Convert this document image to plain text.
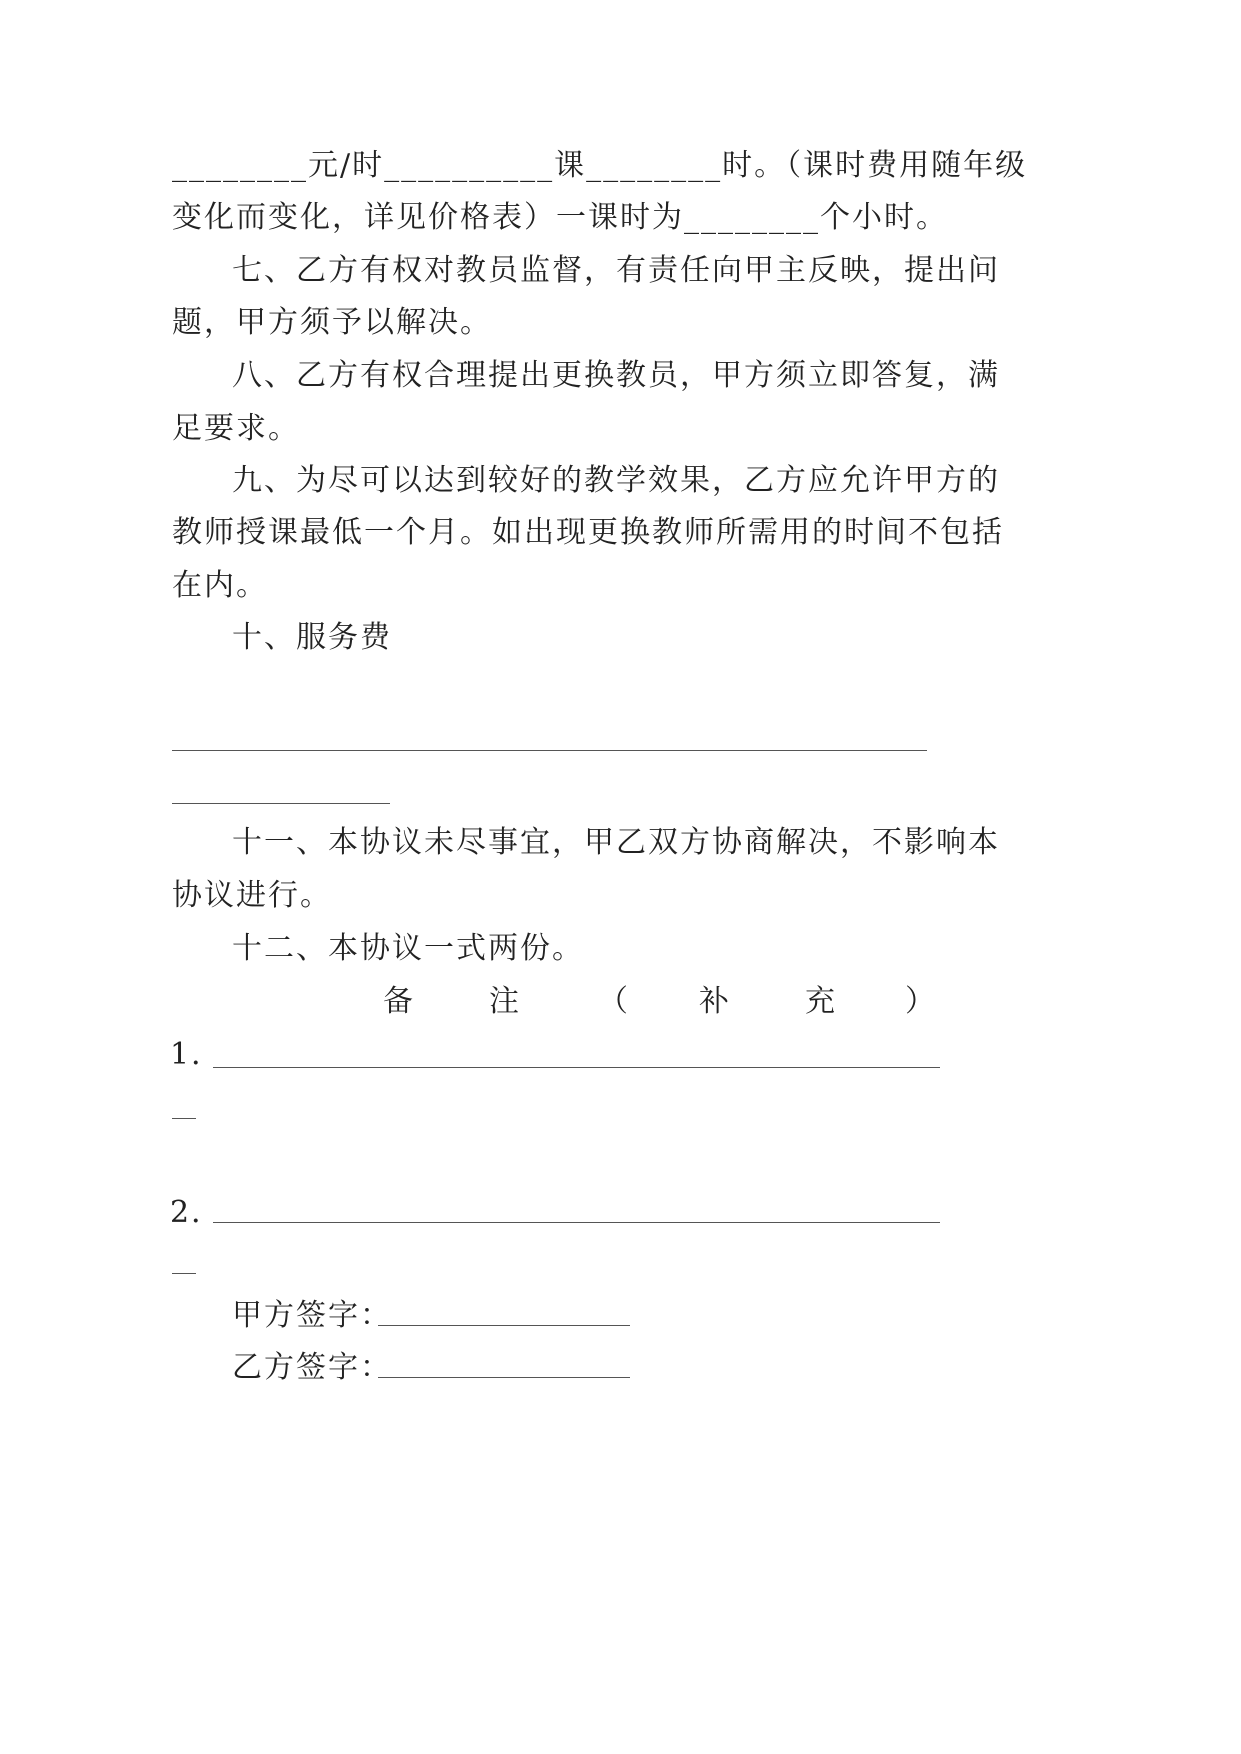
________元/时__________课________时。（课时费用随年级
变化而变化，详见价格表）一课时为________个小时。
七、乙方有权对教员监督，有责任向甲主反映，提出问
题，甲方须予以解决。
八、乙方有权合理提出更换教员，甲方须立即答复，满
足要求。
九、为尽可以达到较好的教学效果，乙方应允许甲方的
教师授课最低一个月。如出现更换教师所需用的时间不包括
在内。
十、服务费
十一、本协议未尽事宜，甲乙双方协商解决，不影响本
协议进行。
十二、本协议一式两份。
备	注	（ 补	充 ）
1．
2．
甲方签字：
乙方签字：
